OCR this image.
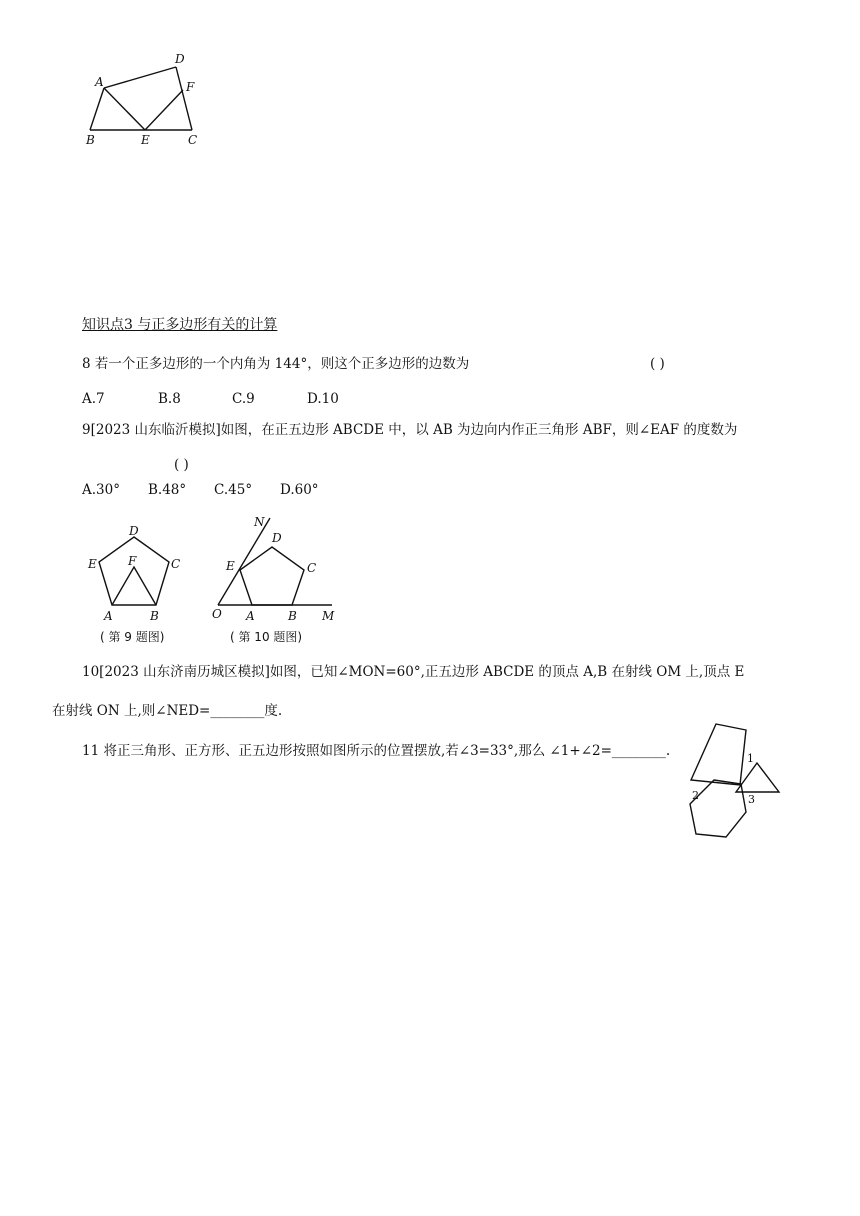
A
D
F
B	E	C
知识点3 与正多边形有关的计算
8 若一个正多边形的一个内角为 144°，则这个正多边形的边数为	( )
A.7	B.8	C.9	D.10
9[2023 山东临沂模拟]如图，在正五边形 ABCDE 中，以 AB 为边向内作正三角形 ABF，则∠EAF 的度数为
( )
A.30° B.48° C.45° D.60°
D
E	C
F
A	B
( 第 9 题图)
N
D
E	C
O A	B M
( 第 10 题图)
10[2023 山东济南历城区模拟]如图，已知∠MON=60°,正五边形 ABCDE 的顶点 A,B 在射线 OM 上,顶点 E
在射线 ON 上,则∠NED=________度.
11 将正三角形、正方形、正五边形按照如图所示的位置摆放,若∠3=33°,那么 ∠1+∠2=________.	1
2	3
